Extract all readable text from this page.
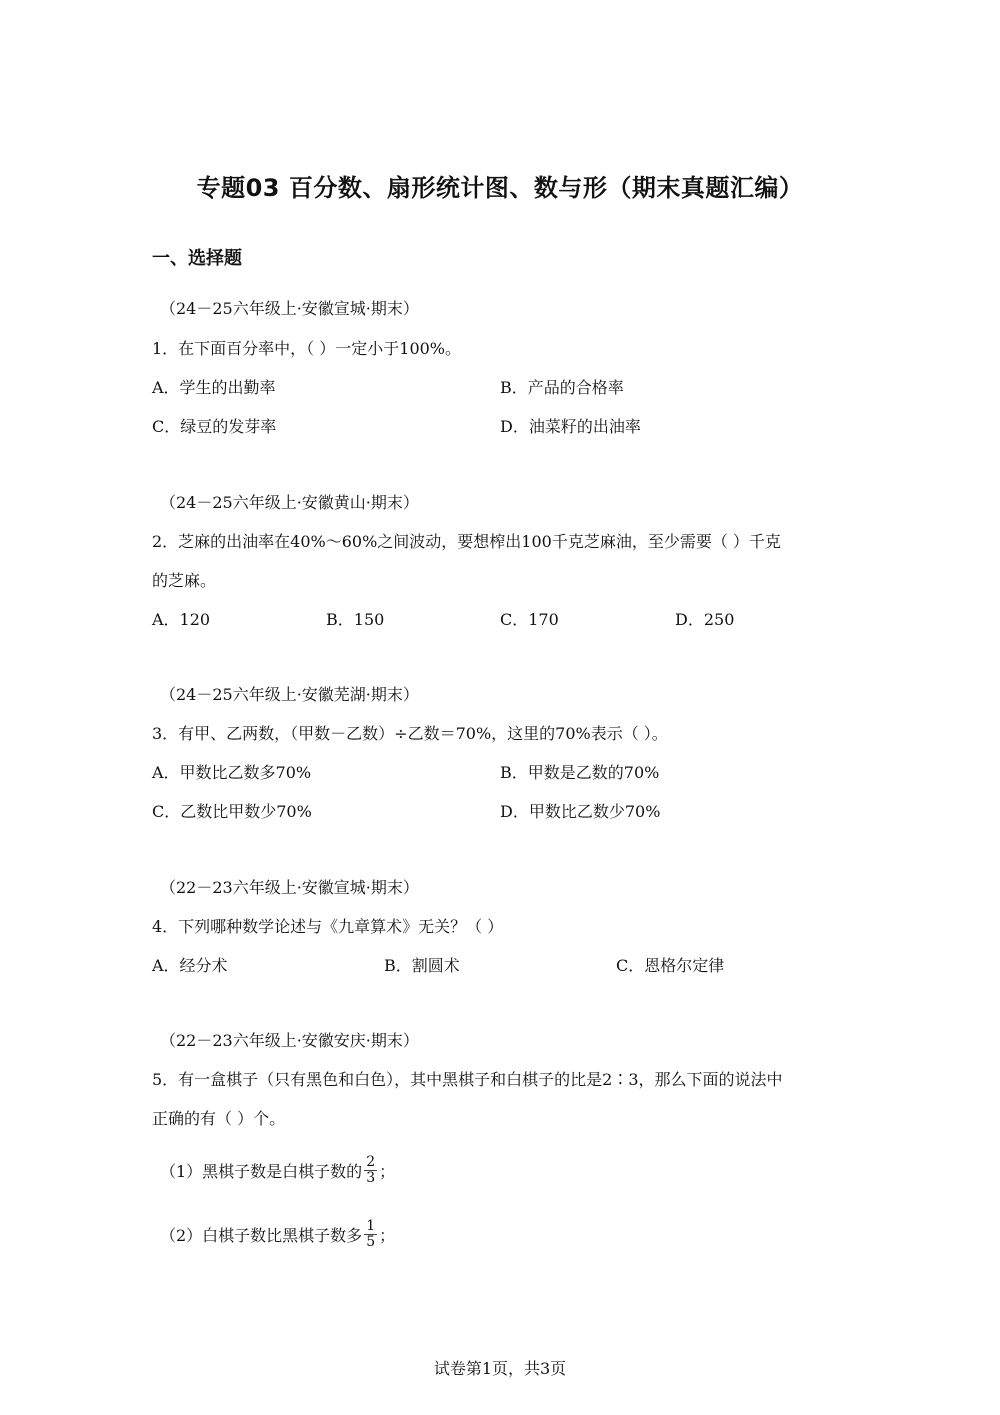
专题03 百分数、扇形统计图、数与形（期末真题汇编）
一、选择题
（24－25六年级上·安徽宣城·期末）
1．在下面百分率中，（ ）一定小于100%。
A．学生的出勤率	B．产品的合格率
C．绿豆的发芽率	D．油菜籽的出油率
（24－25六年级上·安徽黄山·期末）
2．芝麻的出油率在40%～60%之间波动，要想榨出100千克芝麻油，至少需要（ ）千克
的芝麻。
A．120	B．150	C．170	D．250
（24－25六年级上·安徽芜湖·期末）
3．有甲、乙两数，（甲数－乙数）÷乙数＝70%，这里的70%表示（ ）。
A．甲数比乙数多70%	B．甲数是乙数的70%
C．乙数比甲数少70%	D．甲数比乙数少70%
（22－23六年级上·安徽宣城·期末）
4．下列哪种数学论述与《九章算术》无关？（ ）
A．经分术	B．割圆术	C．恩格尔定律
（22－23六年级上·安徽安庆·期末）
5．有一盒棋子（只有黑色和白色），其中黑棋子和白棋子的比是2∶3，那么下面的说法中
正确的有（ ）个。
（1）黑棋子数是白棋子数的 $\frac{2}{3}$ ；
（2）白棋子数比黑棋子数多 $\frac{1}{5}$ ；
试卷第1页，共3页
